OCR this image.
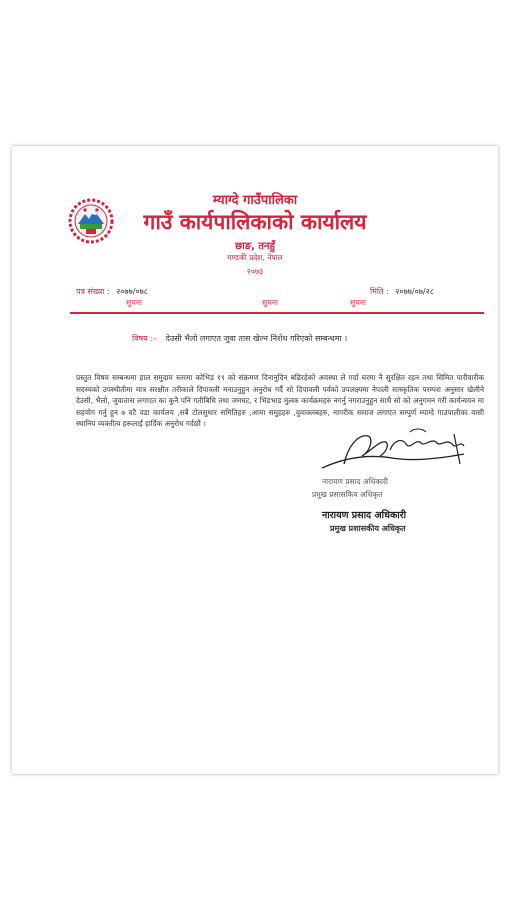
म्याग्दे गाउँपालिका
गाउँ कार्यपालिकाको कार्यालय
छाङ, तनहुँ
गण्डकी प्रदेश, नेपाल
२०७३
पत्र संख्या : २०७७/०७८	मिति : २०७७/०७/२८
सुचना	सुचना	सुचना
विषय :– देउसी भैलो लगाएत जुवा तास खेल्न निशेध गरिएको सम्बन्धमा ।
प्रस्तुत विषय सम्बन्धमा हाल समुदाय स्तरमा कोभिड १९ को संक्रमण दिनानुदिन बढिरहेको अवस्था ले गर्दा घरमा नै सुरक्षित रहन तथा सिमित पारीवारीक सदस्यको उपस्थीतीमा मात्र सरक्षीत तरीकाले दिपावली मनाउनुहुन अनुरोध गर्दै सो दिपावली पर्वको उपलक्ष्यमा नेपाली सास्कृतिक परम्परा अनुसार खेलीने देउसी, भैलो, जुवातास लगाएत का कुनै पनि गतीबिधि तथा जमघट, र भिडभाड मुलक कार्यक्रमहरु नगर्नु नगराउनुहुन साथै सो को अनुगमन गरी कार्यन्वयन मा सहयोग गर्नु हुन ७ वटै वडा कार्यलय ,सबै टोलसुधार समितिहरु ,आमा समुहहरु ,युवाक्लबहरु, नागरीक समाज लगाएत सम्पुर्ण म्याग्दे गाउपालीका वासी स्थानिय व्यक्तीत्व हरूलाई हार्दिक अनुरोध गर्दछौं ।
नारायण प्रसाद अधिकारी
प्रमुख प्रसासकिय अधिकृत
नारायण प्रसाद अधिकारी
प्रमुख प्रशासकीय अधिकृत
